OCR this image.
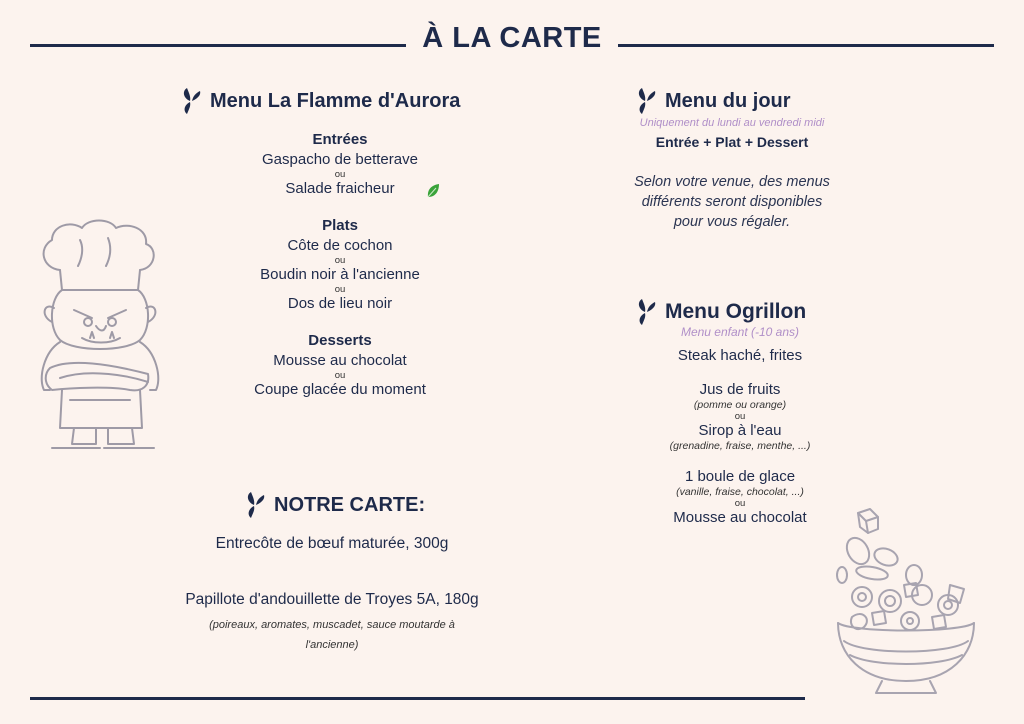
À LA CARTE
Menu La Flamme d'Aurora
Entrées
Gaspacho de betterave
ou
Salade fraicheur
Plats
Côte de cochon
ou
Boudin noir à l'ancienne
ou
Dos de lieu noir
Desserts
Mousse au chocolat
ou
Coupe glacée du moment
Menu du jour
Uniquement du lundi au vendredi midi
Entrée + Plat + Dessert
Selon votre venue, des menus
différents seront disponibles
pour vous régaler.
Menu Ogrillon
Menu enfant (-10 ans)
Steak haché, frites
Jus de fruits
(pomme ou orange)
ou
Sirop à l'eau
(grenadine, fraise, menthe, ...)
1 boule de glace
(vanille, fraise, chocolat, ...)
ou
Mousse au chocolat
NOTRE CARTE:
Entrecôte de bœuf maturée, 300g
Papillote d'andouillette de Troyes 5A, 180g
(poireaux, aromates, muscadet, sauce moutarde à
l'ancienne)
